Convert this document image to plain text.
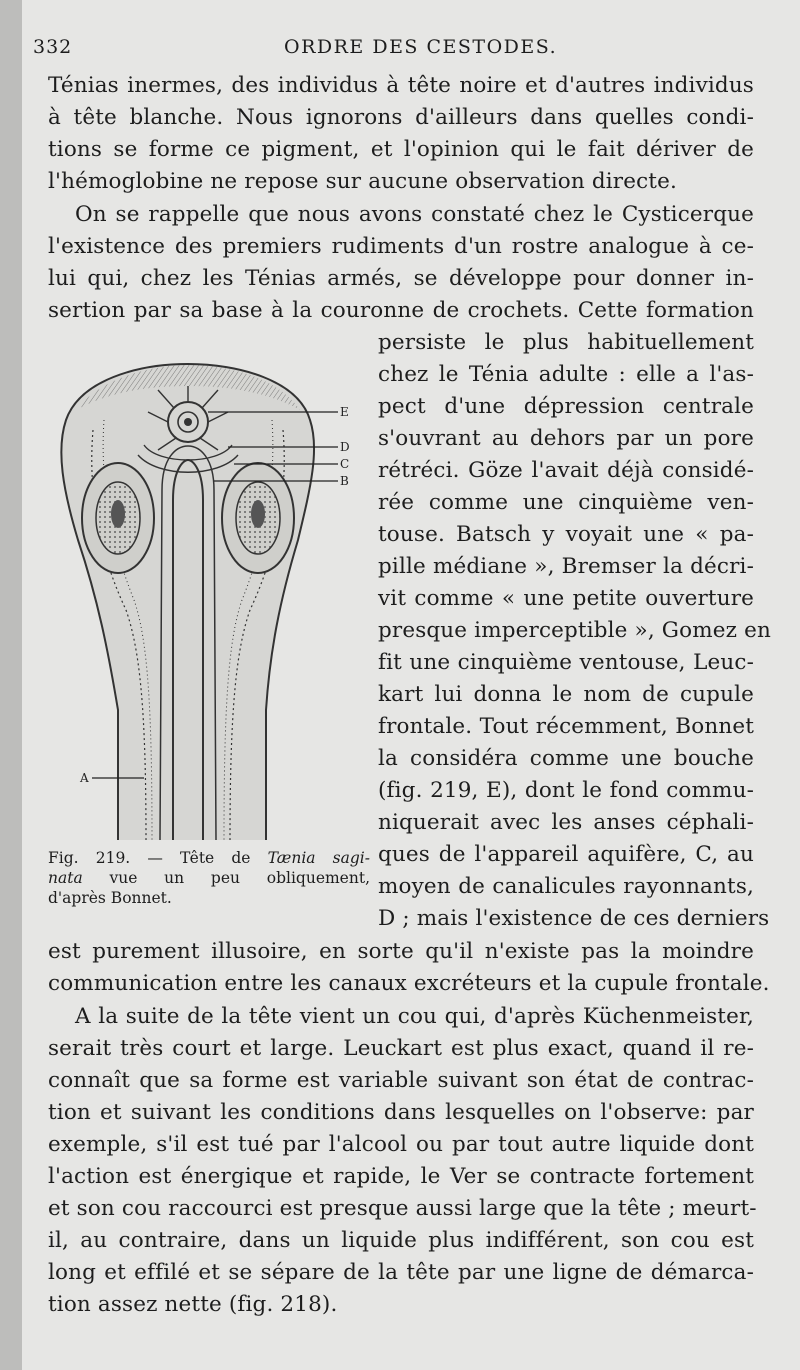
332	ORDRE DES CESTODES.
Ténias inermes, des individus à tête noire et d'autres individus
à tête blanche. Nous ignorons d'ailleurs dans quelles condi-
tions se forme ce pigment, et l'opinion qui le fait dériver de
l'hémoglobine ne repose sur aucune observation directe.
On se rappelle que nous avons constaté chez le Cysticerque
l'existence des premiers rudiments d'un rostre analogue à ce-
lui qui, chez les Ténias armés, se développe pour donner in-
sertion par sa base à la couronne de crochets. Cette formation
persiste le plus habituellement
chez le Ténia adulte : elle a l'as-
pect d'une dépression centrale
s'ouvrant au dehors par un pore
rétréci. Göze l'avait déjà considé-
rée comme une cinquième ven-
touse. Batsch y voyait une « pa-
pille médiane », Bremser la décri-
vit comme « une petite ouverture
presque imperceptible », Gomez en
fit une cinquième ventouse, Leuc-
kart lui donna le nom de cupule
frontale. Tout récemment, Bonnet
la considéra comme une bouche
(fig. 219, E), dont le fond commu-
niquerait avec les anses céphali-
ques de l'appareil aquifère, C, au
moyen de canalicules rayonnants,
D ; mais l'existence de ces derniers
est purement illusoire, en sorte qu'il n'existe pas la moindre
communication entre les canaux excréteurs et la cupule frontale.
A la suite de la tête vient un cou qui, d'après Küchenmeister,
serait très court et large. Leuckart est plus exact, quand il re-
connaît que sa forme est variable suivant son état de contrac-
tion et suivant les conditions dans lesquelles on l'observe: par
exemple, s'il est tué par l'alcool ou par tout autre liquide dont
l'action est énergique et rapide, le Ver se contracte fortement
et son cou raccourci est presque aussi large que la tête ; meurt-
il, au contraire, dans un liquide plus indifférent, son cou est
long et effilé et se sépare de la tête par une ligne de démarca-
tion assez nette (fig. 218).
E
D
C
B
A
Fig. 219. — Tête de Tænia sagi-
nata vue un peu obliquement,
d'après Bonnet.
